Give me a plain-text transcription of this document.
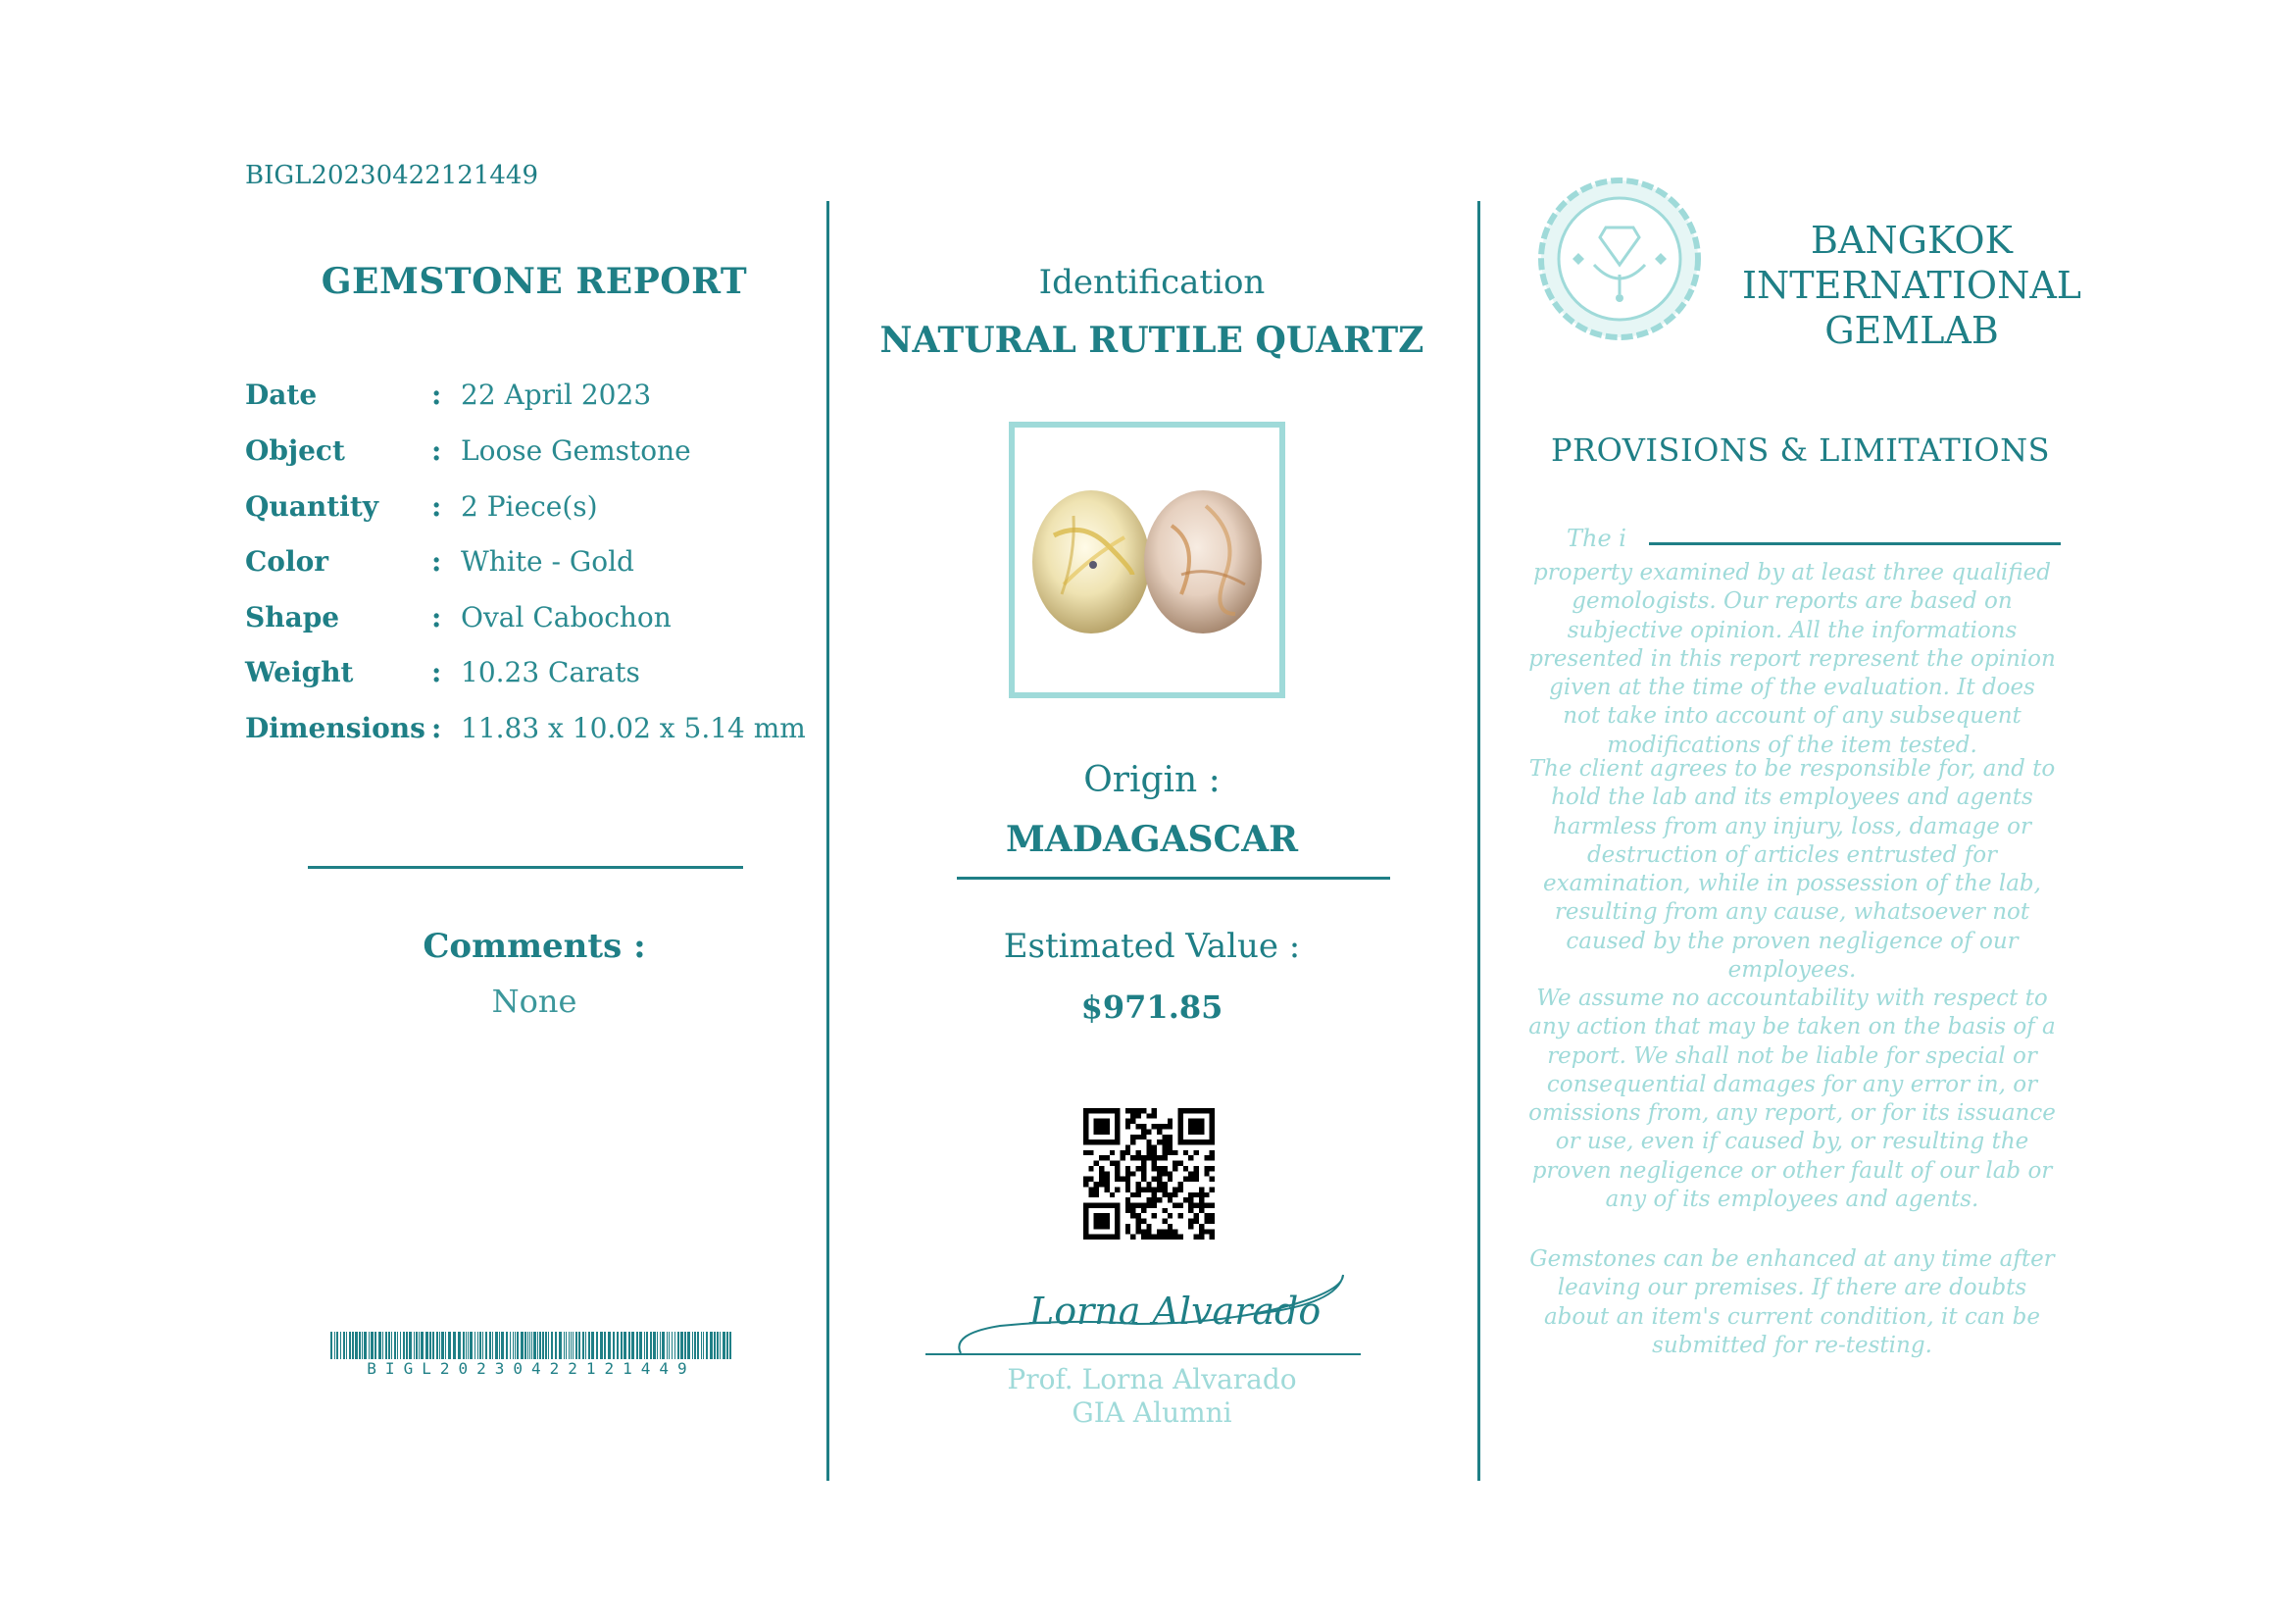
BIGL20230422121449
GEMSTONE REPORT
Date	: 22 April 2023
Object	: Loose Gemstone
Quantity	: 2 Piece(s)
Color	: White - Gold
Shape	: Oval Cabochon
Weight	: 10.23 Carats
Dimensions : 11.83 x 10.02 x 5.14 mm
Comments :
None
BIGL20230422121449
Identification
NATURAL RUTILE QUARTZ
Origin :
MADAGASCAR
Estimated Value :
$971.85
Lorna Alvarado
Prof. Lorna Alvarado
GIA Alumni
BANGKOK
INTERNATIONAL
GEMLAB
PROVISIONS & LIMITATIONS
The i
property examined by at least three qualified gemologists. Our reports are based on subjective opinion. All the informations presented in this report represent the opinion given at the time of the evaluation. It does not take into account of any subsequent modifications of the item tested.
The client agrees to be responsible for, and to hold the lab and its employees and agents harmless from any injury, loss, damage or destruction of articles entrusted for examination, while in possession of the lab, resulting from any cause, whatsoever not caused by the proven negligence of our employees.
We assume no accountability with respect to any action that may be taken on the basis of a report. We shall not be liable for special or consequential damages for any error in, or omissions from, any report, or for its issuance or use, even if caused by, or resulting the proven negligence or other fault of our lab or any of its employees and agents.
Gemstones can be enhanced at any time after leaving our premises. If there are doubts about an item's current condition, it can be submitted for re-testing.
